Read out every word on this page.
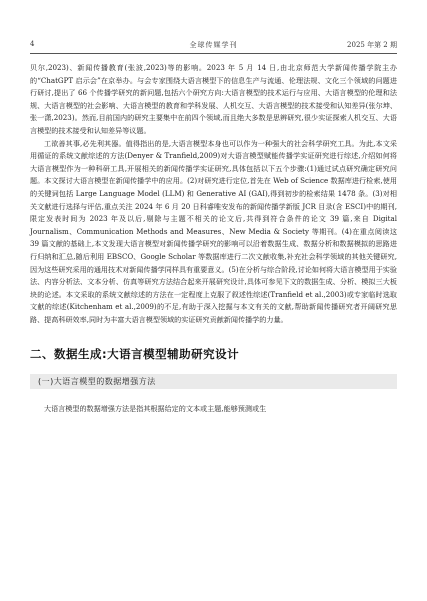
4	全球传媒学刊	2025 年第 2 期

贝尔,2023)、新闻传播教育(张波,2023)等的影响。2023 年 5 月 14 日,由北京师范大学新闻传播学院主办的“ChatGPT 启示会”在京举办。与会专家围绕大语言模型下的信息生产与流通、伦理法规、文化三个领域的问题进行研讨,提出了 66 个传播学研究的新问题,包括六个研究方向:大语言模型的技术运行与应用、大语言模型的伦理和法规、大语言模型的社会影响、大语言模型的教育和学科发展、人机交互、大语言模型的技术接受和认知差异(张尔坤、张一潇,2023)。然而,目前国内的研究主要集中在前四个领域,而且绝大多数是思辨研究,很少实证探索人机交互、大语言模型的技术接受和认知差异等议题。

工欲善其事,必先利其器。值得指出的是,大语言模型本身也可以作为一种强大的社会科学研究工具。为此,本文采用循证的系统文献综述的方法(Denyer & Tranfield,2009)对大语言模型赋能传播学实证研究进行综述,介绍如何将大语言模型作为一种科研工具,开展相关的新闻传播学实证研究,具体包括以下五个步骤:(1)通过试点研究确定研究问题。本文探讨大语言模型在新闻传播学中的应用。(2)对研究进行定位,首先在 Web of Science 数据库进行检索,使用的关键词包括 Large Language Model (LLM) 和 Generative AI (GAI),得到初步的检索结果 1478 条。(3)对相关文献进行选择与评估,重点关注 2024 年 6 月 20 日科睿唯安发布的新闻传播学新版 JCR 目录(含 ESCI)中的期刊,限定发表时间为 2023 年及以后,剔除与主题不相关的论文后,共得到符合条件的论文 39 篇,来自 Digital Journalism、Communication Methods and Measures、New Media & Society 等期刊。(4)在重点阅读这 39 篇文献的基础上,本文发现大语言模型对新闻传播学研究的影响可以沿着数据生成、数据分析和数据模拟的思路进行归纳和汇总,随后利用 EBSCO、Google Scholar 等数据库进行二次文献收集,补充社会科学领域的其他关键研究,因为这些研究采用的通用技术对新闻传播学同样具有重要意义。(5)在分析与综合阶段,讨论如何将大语言模型用于实验法、内容分析法、文本分析、仿真等研究方法结合起来开展研究设计,具体可参见下文的数据生成、分析、模拟三大板块的论述。本文采取的系统文献综述的方法在一定程度上克服了叙述性综述(Tranfield et al.,2003)或专家临时选取文献的综述(Kitchenham et al.,2009)的不足,有助于深入挖掘与本文有关的文献,帮助新闻传播研究者开阔研究思路、提高科研效率,同时为丰富大语言模型领域的实证研究贡献新闻传播学的力量。

二、数据生成:大语言模型辅助研究设计
(一)大语言模型的数据增强方法

大语言模型的数据增强方法是指其根据给定的文本或主题,能够预测或生
